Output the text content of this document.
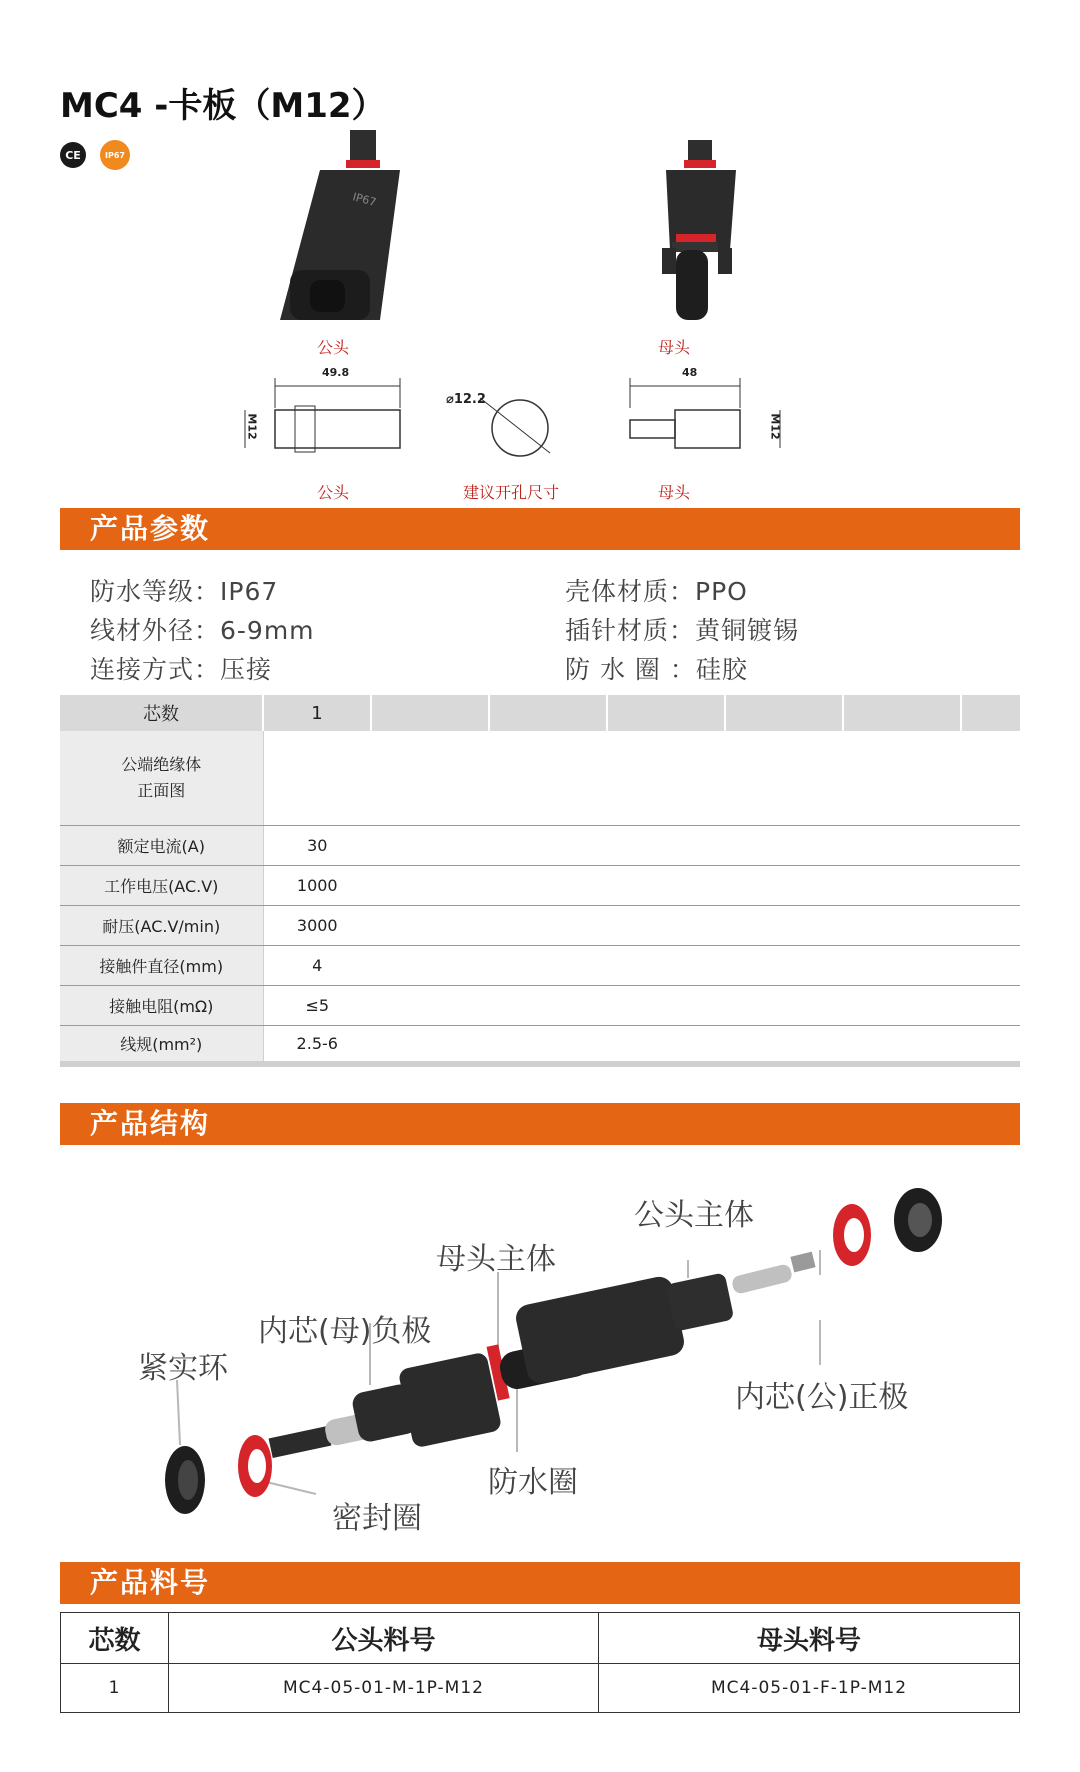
MC4 -卡板（M12）
CE	IP67
IP67
公头	母头
49.8
M12
⌀12.2
48
M12
公头	建议开孔尺寸	母头
产品参数
防水等级：IP67
线材外径：6-9mm
连接方式：压接
壳体材质：PPO
插针材质：黄铜镀锡
防 水 圈 ：硅胶
芯数	1						

公端绝缘体
正面图							

额定电流(A)	30						
工作电压(AC.V)	1000						
耐压(AC.V/min)	3000						
接触件直径(mm)	4						
接触电阻(mΩ)	≤5						
线规(mm²)	2.5-6						
产品结构
公头主体
母头主体
内芯(母)负极
紧实环
内芯(公)正极
防水圈
密封圈
产品料号
芯数	公头料号	母头料号
1	MC4-05-01-M-1P-M12	MC4-05-01-F-1P-M12
